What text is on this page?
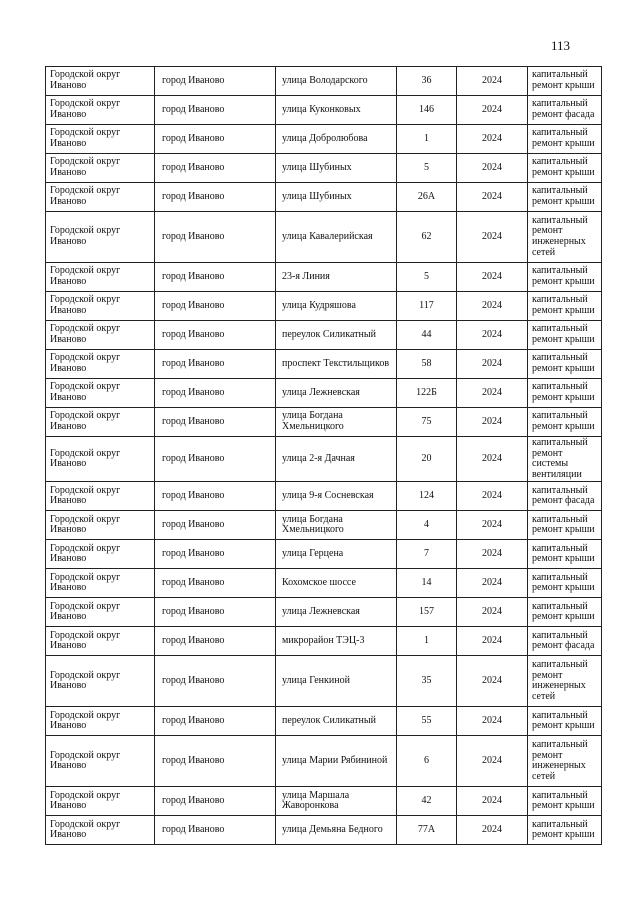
113
Городской округ Иваново	город Иваново	улица Володарского	36	2024	капитальный ремонт крыши
Городской округ Иваново	город Иваново	улица Куконковых	146	2024	капитальный ремонт фасада
Городской округ Иваново	город Иваново	улица Добролюбова	1	2024	капитальный ремонт крыши
Городской округ Иваново	город Иваново	улица Шубиных	5	2024	капитальный ремонт крыши
Городской округ Иваново	город Иваново	улица Шубиных	26А	2024	капитальный ремонт крыши
Городской округ Иваново	город Иваново	улица Кавалерийская	62	2024	капитальный ремонт инженерных сетей
Городской округ Иваново	город Иваново	23-я Линия	5	2024	капитальный ремонт крыши
Городской округ Иваново	город Иваново	улица Кудряшова	117	2024	капитальный ремонт крыши
Городской округ Иваново	город Иваново	переулок Силикатный	44	2024	капитальный ремонт крыши
Городской округ Иваново	город Иваново	проспект Текстильщиков	58	2024	капитальный ремонт крыши
Городской округ Иваново	город Иваново	улица Лежневская	122Б	2024	капитальный ремонт крыши
Городской округ Иваново	город Иваново	улица Богдана Хмельницкого	75	2024	капитальный ремонт крыши
Городской округ Иваново	город Иваново	улица 2-я Дачная	20	2024	капитальный ремонт системы вентиляции
Городской округ Иваново	город Иваново	улица 9-я Сосневская	124	2024	капитальный ремонт фасада
Городской округ Иваново	город Иваново	улица Богдана Хмельницкого	4	2024	капитальный ремонт крыши
Городской округ Иваново	город Иваново	улица Герцена	7	2024	капитальный ремонт крыши
Городской округ Иваново	город Иваново	Кохомское шоссе	14	2024	капитальный ремонт крыши
Городской округ Иваново	город Иваново	улица Лежневская	157	2024	капитальный ремонт крыши
Городской округ Иваново	город Иваново	микрорайон ТЭЦ-3	1	2024	капитальный ремонт фасада
Городской округ Иваново	город Иваново	улица Генкиной	35	2024	капитальный ремонт инженерных сетей
Городской округ Иваново	город Иваново	переулок Силикатный	55	2024	капитальный ремонт крыши
Городской округ Иваново	город Иваново	улица Марии Рябининой	6	2024	капитальный ремонт инженерных сетей
Городской округ Иваново	город Иваново	улица Маршала Жаворонкова	42	2024	капитальный ремонт крыши
Городской округ Иваново	город Иваново	улица Демьяна Бедного	77А	2024	капитальный ремонт крыши
